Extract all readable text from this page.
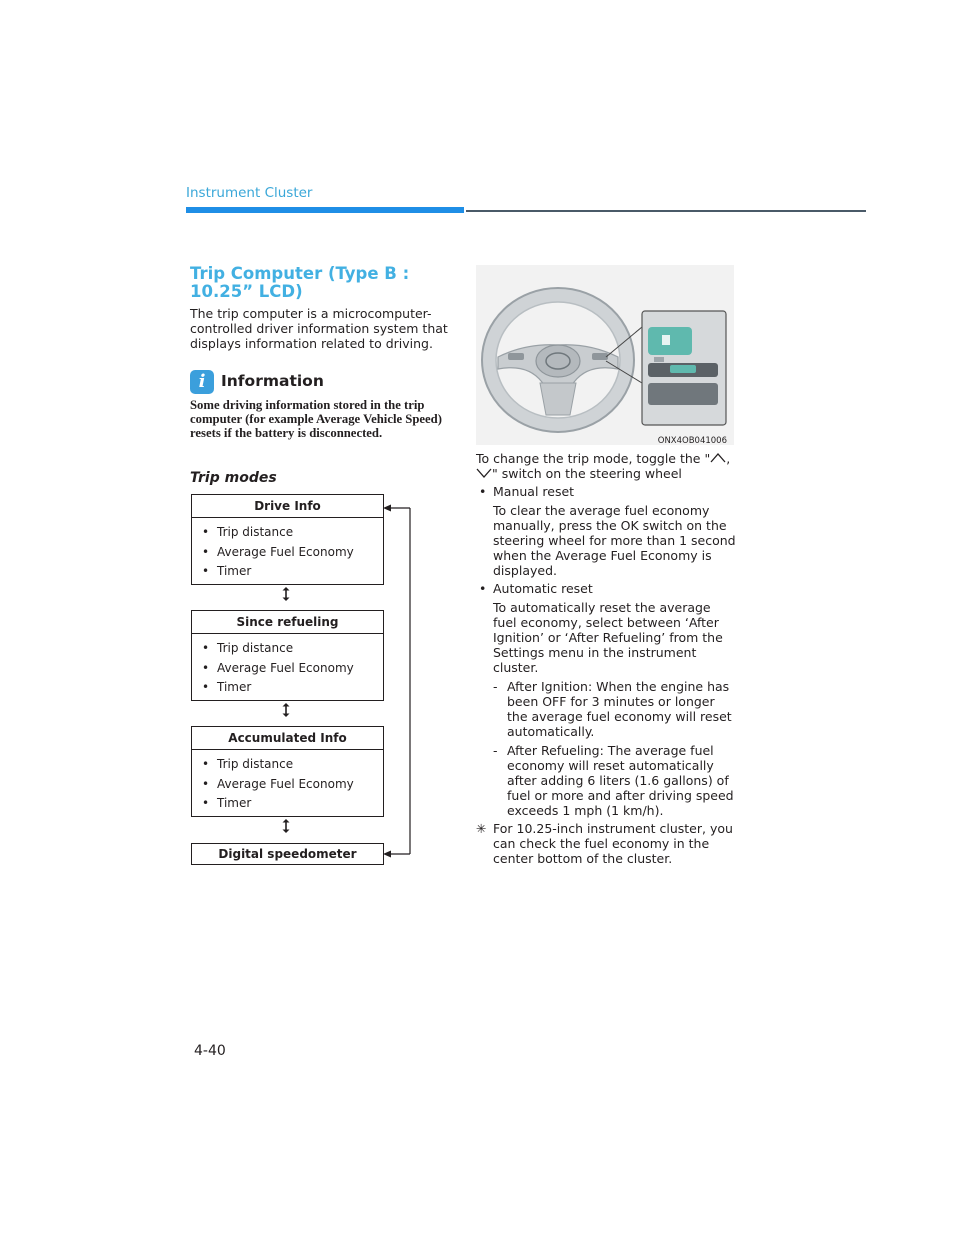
Instrument Cluster
Trip Computer (Type B : 10.25” LCD)
The trip computer is a microcomputer-controlled driver information system that displays information related to driving.
i	Information
Some driving information stored in the trip computer (for example Average Vehicle Speed) resets if the battery is disconnected.
Trip modes
Drive Info
• Trip distance
• Average Fuel Economy
• Timer
Since refueling
• Trip distance
• Average Fuel Economy
• Timer
Accumulated Info
• Trip distance
• Average Fuel Economy
• Timer
Digital speedometer
ONX4OB041006

To change the trip mode, toggle the " , " switch on the steering wheel

• Manual reset
To clear the average fuel economy manually, press the OK switch on the steering wheel for more than 1 second when the Average Fuel Economy is displayed.
• Automatic reset
To automatically reset the average fuel economy, select between ‘After Ignition’ or ‘After Refueling’ from the Settings menu in the instrument cluster.
- After Ignition: When the engine has been OFF for 3 minutes or longer the average fuel economy will reset automatically.
- After Refueling: The average fuel economy will reset automatically after adding 6 liters (1.6 gallons) of fuel or more and after driving speed exceeds 1 mph (1 km/h).
✳ For 10.25-inch instrument cluster, you can check the fuel economy in the center bottom of the cluster.
4-40
